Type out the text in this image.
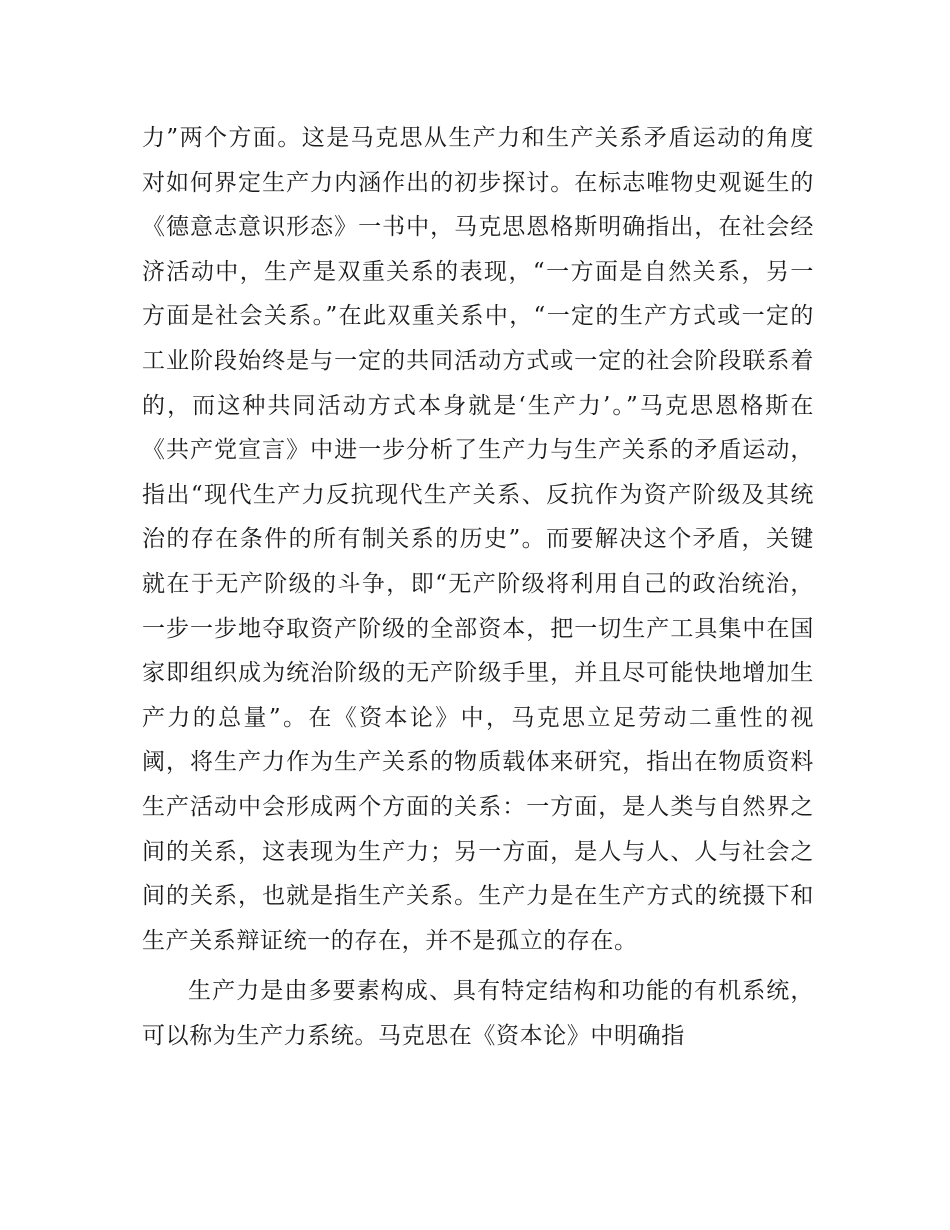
力”两个方面。这是马克思从生产力和生产关系矛盾运动的角度对如何界定生产力内涵作出的初步探讨。在标志唯物史观诞生的《德意志意识形态》一书中，马克思恩格斯明确指出，在社会经济活动中，生产是双重关系的表现，“一方面是自然关系，另一方面是社会关系。”在此双重关系中，“一定的生产方式或一定的工业阶段始终是与一定的共同活动方式或一定的社会阶段联系着的，而这种共同活动方式本身就是‘生产力’。”马克思恩格斯在《共产党宣言》中进一步分析了生产力与生产关系的矛盾运动，指出“现代生产力反抗现代生产关系、反抗作为资产阶级及其统治的存在条件的所有制关系的历史”。而要解决这个矛盾，关键就在于无产阶级的斗争，即“无产阶级将利用自己的政治统治，一步一步地夺取资产阶级的全部资本，把一切生产工具集中在国家即组织成为统治阶级的无产阶级手里，并且尽可能快地增加生产力的总量”。在《资本论》中，马克思立足劳动二重性的视阈，将生产力作为生产关系的物质载体来研究，指出在物质资料生产活动中会形成两个方面的关系：一方面，是人类与自然界之间的关系，这表现为生产力；另一方面，是人与人、人与社会之间的关系，也就是指生产关系。生产力是在生产方式的统摄下和生产关系辩证统一的存在，并不是孤立的存在。

生产力是由多要素构成、具有特定结构和功能的有机系统，可以称为生产力系统。马克思在《资本论》中明确指
